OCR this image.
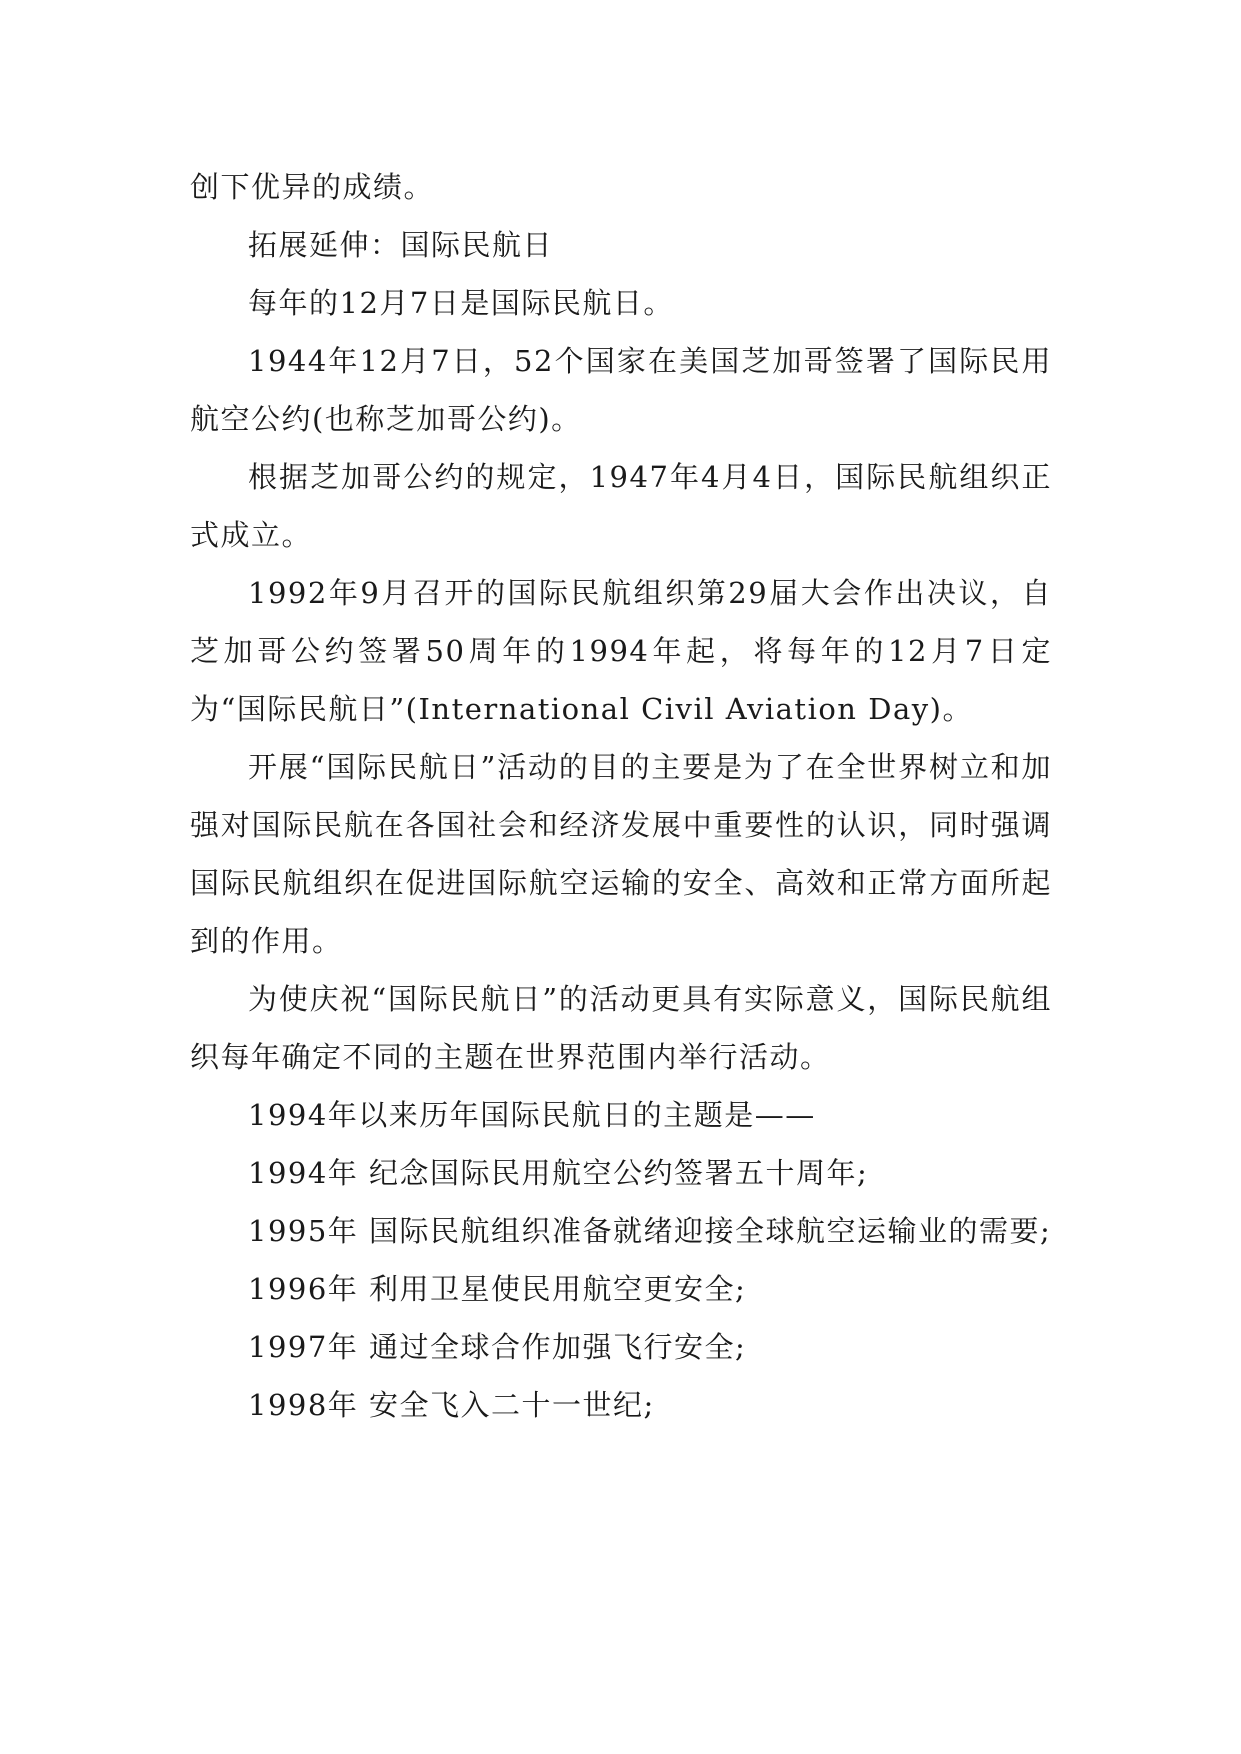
创下优异的成绩。

拓展延伸：国际民航日

每年的12月7日是国际民航日。

1944年12月7日，52个国家在美国芝加哥签署了国际民用航空公约(也称芝加哥公约)。

根据芝加哥公约的规定，1947年4月4日，国际民航组织正式成立。

1992年9月召开的国际民航组织第29届大会作出决议，自芝加哥公约签署50周年的1994年起，将每年的12月7日定为“国际民航日”(International Civil Aviation Day)。

开展“国际民航日”活动的目的主要是为了在全世界树立和加强对国际民航在各国社会和经济发展中重要性的认识，同时强调国际民航组织在促进国际航空运输的安全、高效和正常方面所起到的作用。

为使庆祝“国际民航日”的活动更具有实际意义，国际民航组织每年确定不同的主题在世界范围内举行活动。

1994年以来历年国际民航日的主题是——

1994年 纪念国际民用航空公约签署五十周年;

1995年 国际民航组织准备就绪迎接全球航空运输业的需要;

1996年 利用卫星使民用航空更安全;

1997年 通过全球合作加强飞行安全;

1998年 安全飞入二十一世纪;
